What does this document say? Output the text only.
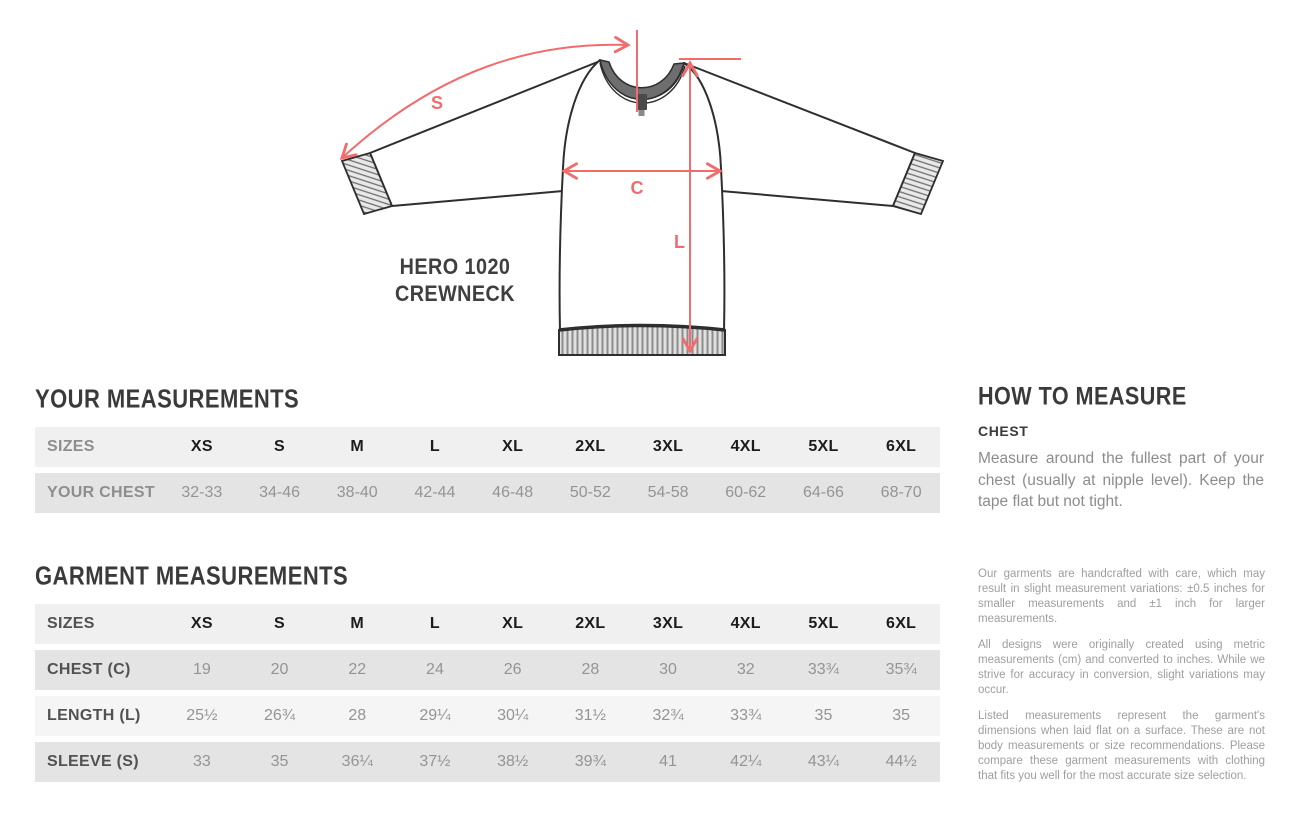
S
C
L
HERO 1020
CREWNECK
YOUR MEASUREMENTS
SIZES	XS	S	M	L	XL	2XL	3XL	4XL	5XL	6XL
YOUR CHEST	32-33	34-46	38-40	42-44	46-48	50-52	54-58	60-62	64-66	68-70
GARMENT MEASUREMENTS
SIZES	XS	S	M	L	XL	2XL	3XL	4XL	5XL	6XL
CHEST (C)	19	20	22	24	26	28	30	32	33¾	35¾
LENGTH (L)	25½	26¾	28	29¼	30¼	31½	32¾	33¾	35	35
SLEEVE (S)	33	35	36¼	37½	38½	39¾	41	42¼	43¼	44½
HOW TO MEASURE
CHEST

Measure around the fullest part of your chest (usually at nipple level). Keep the tape flat but not tight.

Our garments are handcrafted with care, which may result in slight measurement variations: ±0.5 inches for smaller measurements and ±1 inch for larger measurements.

All designs were originally created using metric measurements (cm) and converted to inches. While we strive for accuracy in conversion, slight variations may occur.

Listed measurements represent the garment's dimensions when laid flat on a surface. These are not body measurements or size recommendations. Please compare these garment measurements with clothing that fits you well for the most accurate size selection.
